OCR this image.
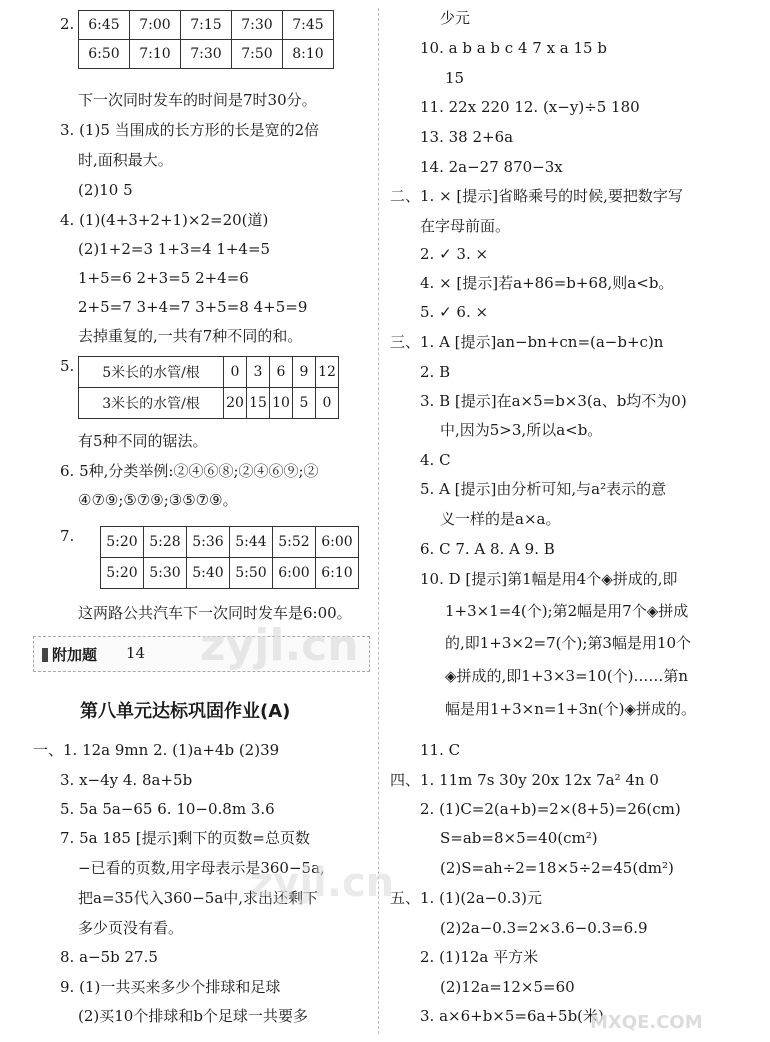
2. 6:45	7:00	7:15	7:30	7:45
6:50	7:10	7:30	7:50	8:10
下一次同时发车的时间是7时30分。
3. (1)5 当围成的长方形的长是宽的2倍
时,面积最大。
(2)10 5
4. (1)(4+3+2+1)×2=20(道)
(2)1+2=3 1+3=4 1+4=5
1+5=6 2+3=5 2+4=6
2+5=7 3+4=7 3+5=8 4+5=9
去掉重复的,一共有7种不同的和。
5. 5米长的水管/根	0	3	6	9	12
3米长的水管/根	20	15	10	5	0
有5种不同的锯法。
6. 5种,分类举例:②④⑥⑧;②④⑥⑨;②
④⑦⑨;⑤⑦⑨;③⑤⑦⑨。
7. 5:20	5:28	5:36	5:44	5:52	6:00
5:20	5:30	5:40	5:50	6:00	6:10
这两路公共汽车下一次同时发车是6:00。
附加题 14
第八单元达标巩固作业(A)
一、1. 12a 9mn 2. (1)a+4b (2)39
3. x−4y 4. 8a+5b
5. 5a 5a−65 6. 10−0.8m 3.6
7. 5a 185 [提示]剩下的页数=总页数
−已看的页数,用字母表示是360−5a,
把a=35代入360−5a中,求出还剩下
多少页没有看。
8. a−5b 27.5
9. (1)一共买来多少个排球和足球
(2)买10个排球和b个足球一共要多
少元
10. a b a b c 4 7 x a 15 b
15
11. 22x 220 12. (x−y)÷5 180
13. 38 2+6a
14. 2a−27 870−3x
二、1. × [提示]省略乘号的时候,要把数字写
在字母前面。
2. ✓ 3. ×
4. × [提示]若a+86=b+68,则a<b。
5. ✓ 6. ×
三、1. A [提示]an−bn+cn=(a−b+c)n
2. B
3. B [提示]在a×5=b×3(a、b均不为0)
中,因为5>3,所以a<b。
4. C
5. A [提示]由分析可知,与a²表示的意
义一样的是a×a。
6. C 7. A 8. A 9. B
10. D [提示]第1幅是用4个◈拼成的,即
1+3×1=4(个);第2幅是用7个◈拼成
的,即1+3×2=7(个);第3幅是用10个
◈拼成的,即1+3×3=10(个)……第n
幅是用1+3×n=1+3n(个)◈拼成的。
11. C
四、1. 11m 7s 30y 20x 12x 7a² 4n 0
2. (1)C=2(a+b)=2×(8+5)=26(cm)
S=ab=8×5=40(cm²)
(2)S=ah÷2=18×5÷2=45(dm²)
五、1. (1)(2a−0.3)元
(2)2a−0.3=2×3.6−0.3=6.9
2. (1)12a 平方米
(2)12a=12×5=60
3. a×6+b×5=6a+5b(米)
zyjl.cn
zyjl.cn
MXQE.COM
